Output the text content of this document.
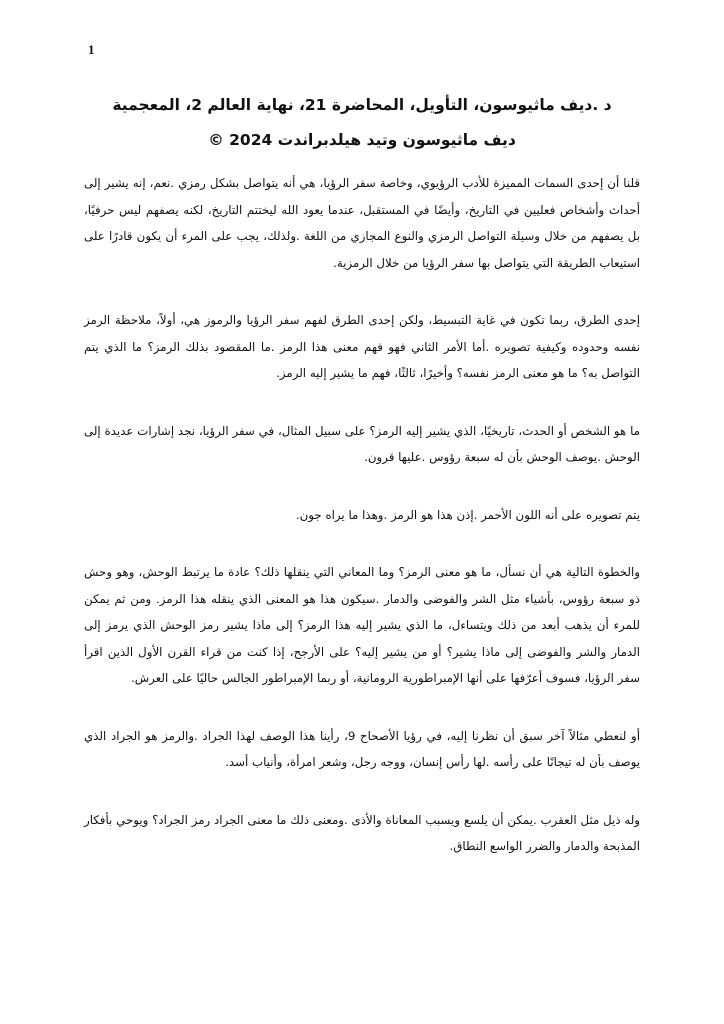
1
د .ديف ماثيوسون، التأويل، المحاضرة 21، نهاية العالم 2، المعجمية
ديف ماثيوسون وتيد هيلدبراندت 2024 ©

قلنا أن إحدى السمات المميزة للأدب الرؤيوي، وخاصة سفر الرؤيا، هي أنه يتواصل بشكل رمزي .نعم، إنه يشير إلى أحداث وأشخاص فعليين في التاريخ، وأيضًا في المستقبل، عندما يعود الله ليختتم التاريخ، لكنه يصفهم ليس حرفيًا، بل يصفهم من خلال وسيلة التواصل الرمزي والنوع المجازي من اللغة .ولذلك، يجب على المرء أن يكون قادرًا على استيعاب الطريقة التي يتواصل بها سفر الرؤيا من خلال الرمزية.

إحدى الطرق، ربما تكون في غاية التبسيط، ولكن إحدى الطرق لفهم سفر الرؤيا والرموز هي، أولاً، ملاحظة الرمز نفسه وحدوده وكيفية تصويره .أما الأمر الثاني فهو فهم معنى هذا الرمز .ما المقصود بذلك الرمز؟ ما الذي يتم التواصل به؟ ما هو معنى الرمز نفسه؟ وأخيرًا، ثالثًا، فهم ما يشير إليه الرمز.

ما هو الشخص أو الحدث، تاريخيًا، الذي يشير إليه الرمز؟ على سبيل المثال، في سفر الرؤيا، نجد إشارات عديدة إلى الوحش .يوصف الوحش بأن له سبعة رؤوس .عليها قرون.

يتم تصويره على أنه اللون الأحمر .إذن هذا هو الرمز .وهذا ما يراه جون.

والخطوة التالية هي أن نسأل، ما هو معنى الرمز؟ وما المعاني التي ينقلها ذلك؟ عادة ما يرتبط الوحش، وهو وحش ذو سبعة رؤوس، بأشياء مثل الشر والفوضى والدمار .سيكون هذا هو المعنى الذي ينقله هذا الرمز. ومن ثم يمكن للمرء أن يذهب أبعد من ذلك ويتساءل، ما الذي يشير إليه هذا الرمز؟ إلى ماذا يشير رمز الوحش الذي يرمز إلى الدمار والشر والفوضى إلى ماذا يشير؟ أو من يشير إليه؟ على الأرجح، إذا كنت من قراء القرن الأول الذين اقرأ سفر الرؤيا، فسوف أعرّفها على أنها الإمبراطورية الرومانية، أو ربما الإمبراطور الجالس حاليًا على العرش.

أو لنعطي مثالاً آخر سبق أن نظرنا إليه، في رؤيا الأصحاح 9، رأينا هذا الوصف لهذا الجراد .والرمز هو الجراد الذي يوصف بأن له تيجانًا على رأسه .لها رأس إنسان، ووجه رجل، وشعر امرأة، وأنياب أسد.

وله ذيل مثل العقرب .يمكن أن يلسع ويسبب المعاناة والأذى .ومعنى ذلك ما معنى الجراد رمز الجراد؟ ويوحي بأفكار المذبحة والدمار والضرر الواسع النطاق.
